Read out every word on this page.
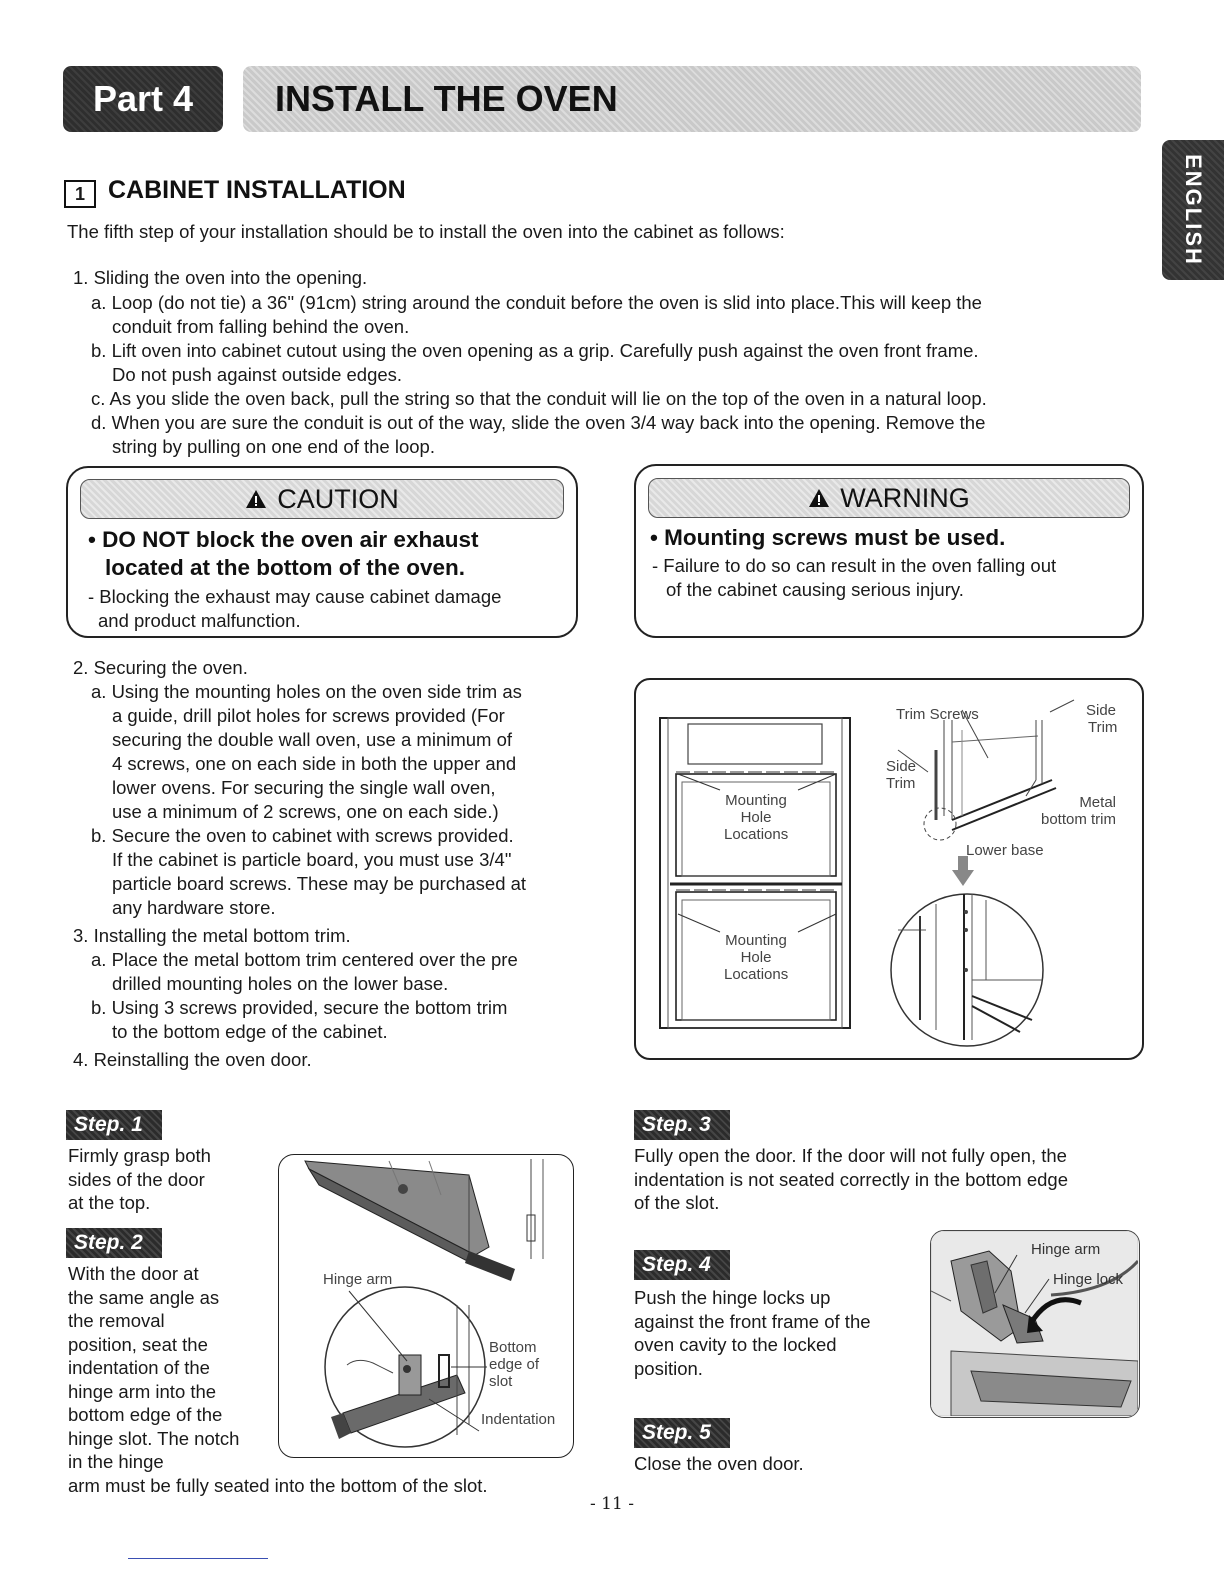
Part 4 INSTALL THE OVEN
ENGLISH
1 CABINET INSTALLATION
The fifth step of your installation should be to install the oven into the cabinet as follows:
1. Sliding the oven into the opening.
a. Loop (do not tie) a 36" (91cm) string around the conduit before the oven is slid into place.This will keep the
conduit from falling behind the oven.
b. Lift oven into cabinet cutout using the oven opening as a grip. Carefully push against the oven front frame.
Do not push against outside edges.
c. As you slide the oven back, pull the string so that the conduit will lie on the top of the oven in a natural loop.
d. When you are sure the conduit is out of the way, slide the oven 3/4 way back into the opening. Remove the
string by pulling on one end of the loop.
CAUTION
• DO NOT block the oven air exhaust
located at the bottom of the oven.
- Blocking the exhaust may cause cabinet damage
and product malfunction.
WARNING
• Mounting screws must be used.
- Failure to do so can result in the oven falling out
of the cabinet causing serious injury.
2. Securing the oven.
a. Using the mounting holes on the oven side trim as
a guide, drill pilot holes for screws provided (For
securing the double wall oven, use a minimum of
4 screws, one on each side in both the upper and
lower ovens. For securing the single wall oven,
use a minimum of 2 screws, one on each side.)
b. Secure the oven to cabinet with screws provided.
If the cabinet is particle board, you must use 3/4"
particle board screws. These may be purchased at
any hardware store.
3. Installing the metal bottom trim.
a. Place the metal bottom trim centered over the pre
drilled mounting holes on the lower base.
b. Using 3 screws provided, secure the bottom trim
to the bottom edge of the cabinet.
4. Reinstalling the oven door.
Mounting
Hole
Locations
Mounting
Hole
Locations
Trim Screws	Side
Trim
Side
Trim
Metal
bottom trim
Lower base
Step. 1
Firmly grasp both
sides of the door
at the top.
Step. 2
With the door at
the same angle as
the removal
position, seat the
indentation of the
hinge arm into the
bottom edge of the
hinge slot. The notch
in the hinge
arm must be fully seated into the bottom of the slot.
Hinge arm
Bottom
edge of
slot
Indentation
Step. 3
Fully open the door. If the door will not fully open, the
indentation is not seated correctly in the bottom edge
of the slot.
Step. 4
Push the hinge locks up
against the front frame of the
oven cavity to the locked
position.
Step. 5
Close the oven door.
Hinge arm
Hinge lock
- 11 -
